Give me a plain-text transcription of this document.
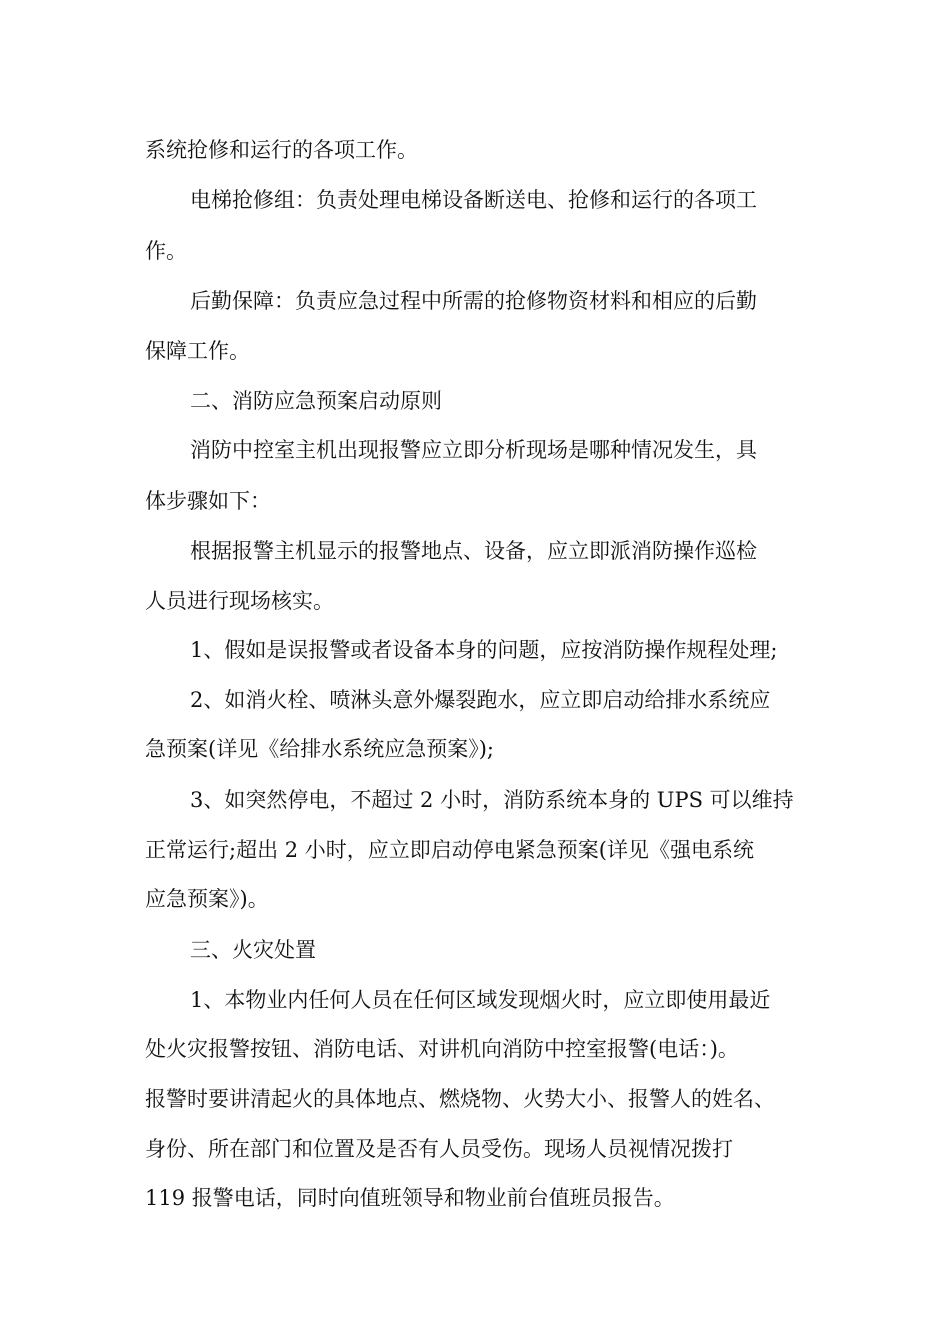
系统抢修和运行的各项工作。

电梯抢修组：负责处理电梯设备断送电、抢修和运行的各项工

作。

后勤保障：负责应急过程中所需的抢修物资材料和相应的后勤

保障工作。

二、消防应急预案启动原则

消防中控室主机出现报警应立即分析现场是哪种情况发生，具

体步骤如下：

根据报警主机显示的报警地点、设备，应立即派消防操作巡检

人员进行现场核实。

1、假如是误报警或者设备本身的问题，应按消防操作规程处理;

2、如消火栓、喷淋头意外爆裂跑水，应立即启动给排水系统应

急预案(详见《给排水系统应急预案》);

3、如突然停电，不超过 2 小时，消防系统本身的 UPS 可以维持

正常运行;超出 2 小时，应立即启动停电紧急预案(详见《强电系统

应急预案》)。

三、火灾处置

1、本物业内任何人员在任何区域发现烟火时，应立即使用最近

处火灾报警按钮、消防电话、对讲机向消防中控室报警(电话：)。

报警时要讲清起火的具体地点、燃烧物、火势大小、报警人的姓名、

身份、所在部门和位置及是否有人员受伤。现场人员视情况拨打

119 报警电话，同时向值班领导和物业前台值班员报告。
